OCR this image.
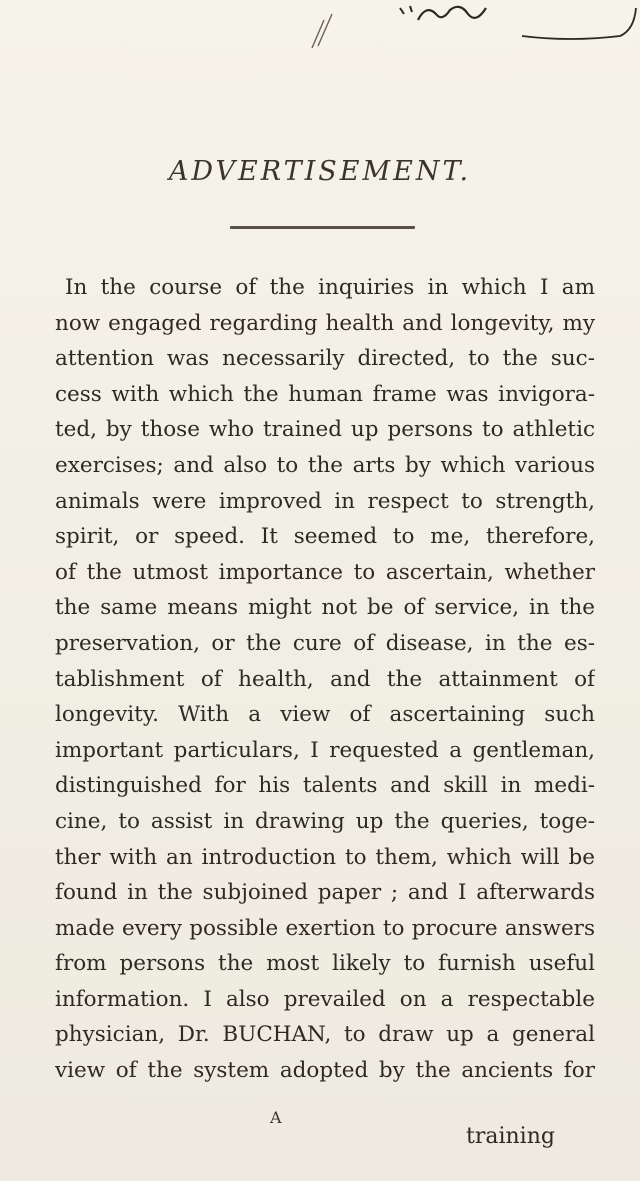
ADVERTISEMENT.
In the course of the inquiries in which I am
now engaged regarding health and longevity, my
attention was necessarily directed, to the suc-
cess with which the human frame was invigora-
ted, by those who trained up persons to athletic
exercises; and also to the arts by which various
animals were improved in respect to strength,
spirit, or speed. It seemed to me, therefore,
of the utmost importance to ascertain, whether
the same means might not be of service, in the
preservation, or the cure of disease, in the es-
tablishment of health, and the attainment of
longevity. With a view of ascertaining such
important particulars, I requested a gentleman,
distinguished for his talents and skill in medi-
cine, to assist in drawing up the queries, toge-
ther with an introduction to them, which will be
found in the subjoined paper ; and I afterwards
made every possible exertion to procure answers
from persons the most likely to furnish useful
information. I also prevailed on a respectable
physician, Dr. BUCHAN, to draw up a general
view of the system adopted by the ancients for
A
training
